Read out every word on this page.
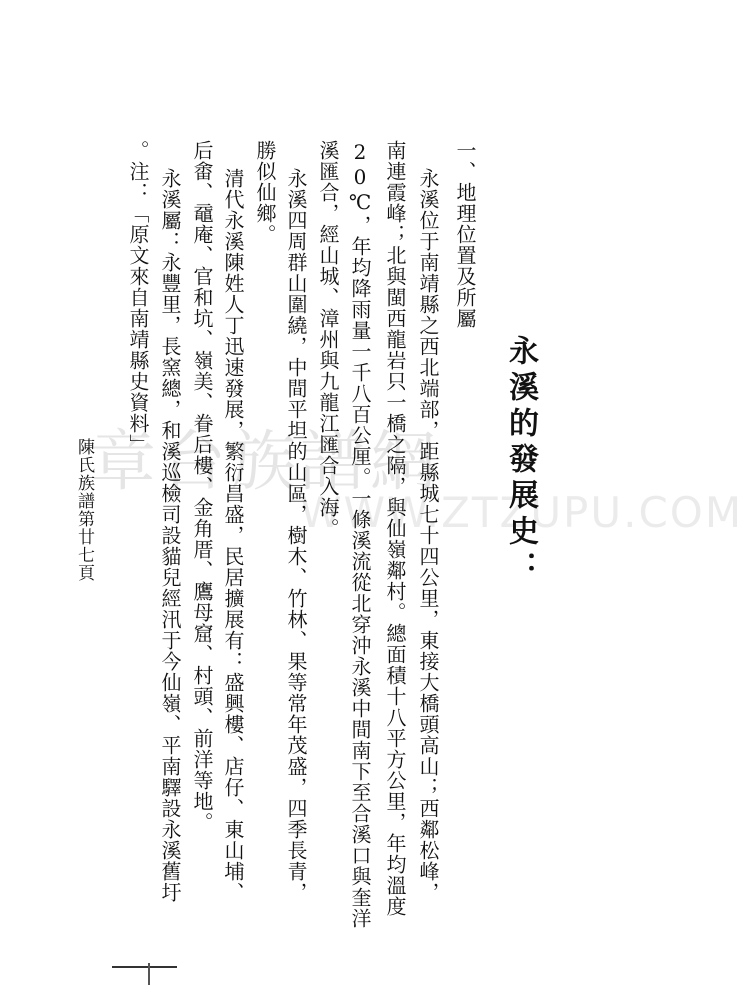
章台族譜網
WWW.ZTZUPU.COM
永溪的發展史：
一、地理位置及所屬
永溪位于南靖縣之西北端部，距縣城七十四公里，東接大橋頭高山；西鄰松峰，
南連霞峰；北與閩西龍岩只一橋之隔，與仙嶺鄰村。總面積十八平方公里，年均溫度
20℃，年均降雨量一千八百公厘。一條溪流從北穿沖永溪中間南下至合溪口與奎洋
溪匯合，經山城、漳州與九龍江匯合入海。
永溪四周群山圍繞，中間平坦的山區，樹木、竹林、果等常年茂盛，四季長青，
勝似仙鄉。
清代永溪陳姓人丁迅速發展，繁衍昌盛，民居擴展有：盛興樓、店仔、東山埔、
后畬、黿庵、官和坑、嶺美、眷后樓、金角厝、鷹母窟、村頭、前洋等地。
永溪屬：永豐里，長窯總，和溪巡檢司設貓兒經汛于今仙嶺、平南驛設永溪舊圩
。注：「原文來自南靖縣史資料」
陳氏族譜第廿七頁
